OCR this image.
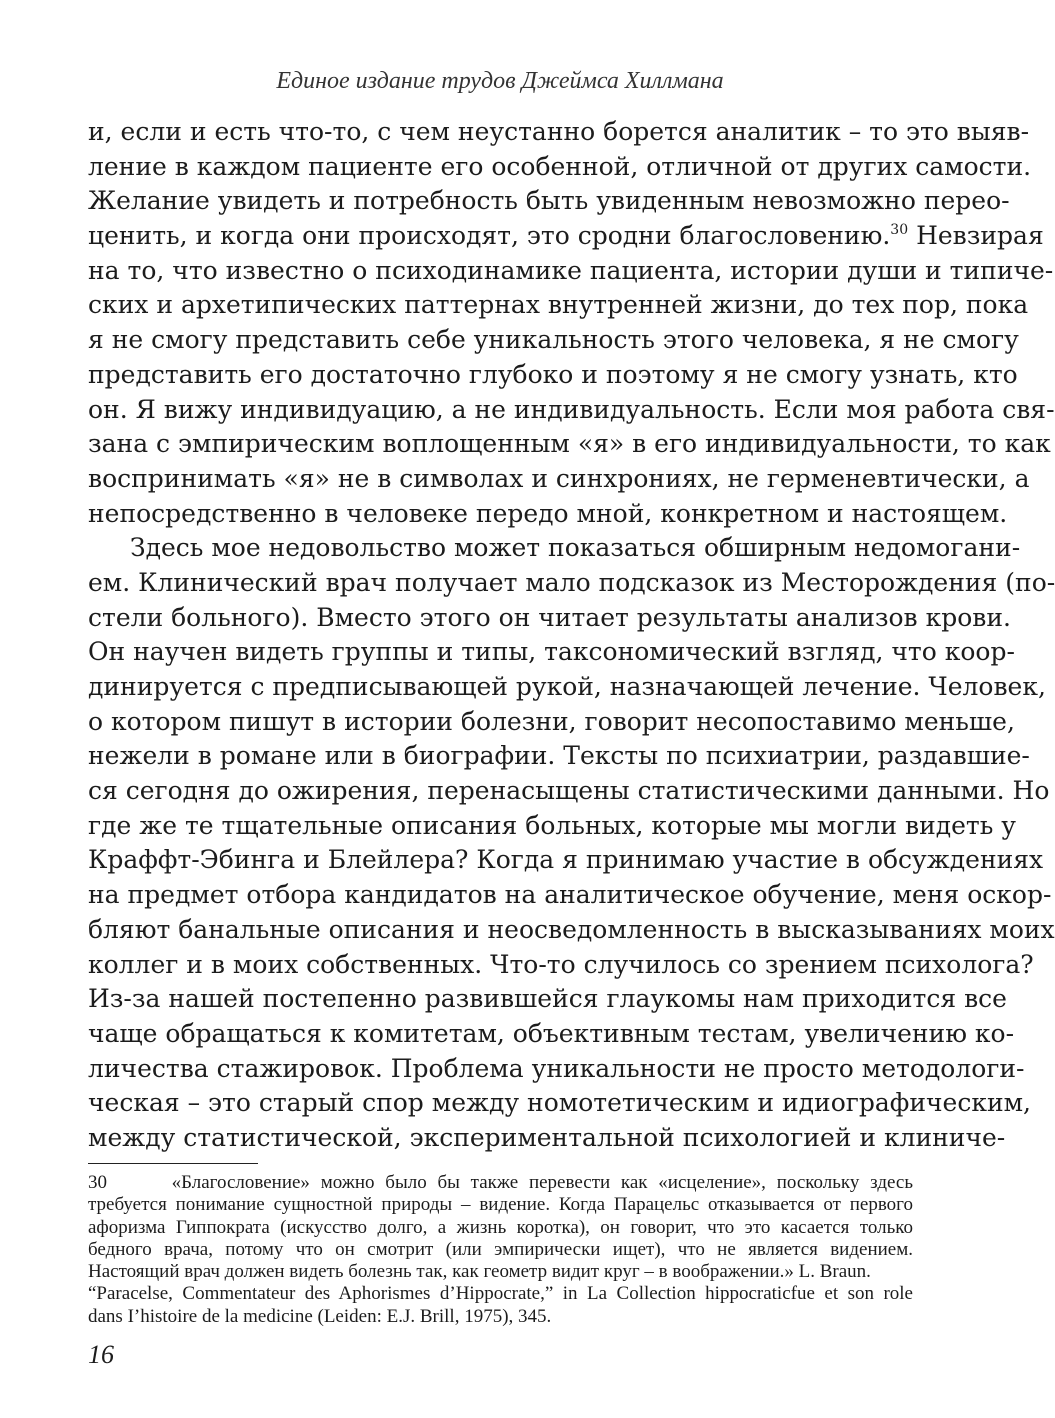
Единое издание трудов Джеймса Хиллмана
и, если и есть что-то, с чем неустанно борется аналитик – то это выяв-
ление в каждом пациенте его особенной, отличной от других самости.
Желание увидеть и потребность быть увиденным невозможно перео-
ценить, и когда они происходят, это сродни благословению.$^{30}$ Невзирая
на то, что известно о психодинамике пациента, истории души и типиче-
ских и архетипических паттернах внутренней жизни, до тех пор, пока
я не смогу представить себе уникальность этого человека, я не смогу
представить его достаточно глубоко и поэтому я не смогу узнать, кто
он. Я вижу индивидуацию, а не индивидуальность. Если моя работа свя-
зана с эмпирическим воплощенным «я» в его индивидуальности, то как
воспринимать «я» не в символах и синхрониях, не герменевтически, а
непосредственно в человеке передо мной, конкретном и настоящем.
Здесь мое недовольство может показаться обширным недомогани-
ем. Клинический врач получает мало подсказок из Месторождения (по-
стели больного). Вместо этого он читает результаты анализов крови.
Он научен видеть группы и типы, таксономический взгляд, что коор-
динируется с предписывающей рукой, назначающей лечение. Человек,
о котором пишут в истории болезни, говорит несопоставимо меньше,
нежели в романе или в биографии. Тексты по психиатрии, раздавшие-
ся сегодня до ожирения, перенасыщены статистическими данными. Но
где же те тщательные описания больных, которые мы могли видеть у
Краффт-Эбинга и Блейлера? Когда я принимаю участие в обсуждениях
на предмет отбора кандидатов на аналитическое обучение, меня оскор-
бляют банальные описания и неосведомленность в высказываниях моих
коллег и в моих собственных. Что-то случилось со зрением психолога?
Из-за нашей постепенно развившейся глаукомы нам приходится все
чаще обращаться к комитетам, объективным тестам, увеличению ко-
личества стажировок. Проблема уникальности не просто методологи-
ческая – это старый спор между номотетическим и идиографическим,
между статистической, экспериментальной психологией и клиниче-
30      «Благословение» можно было бы также перевести как «исцеление», поскольку здесь
требуется понимание сущностной природы – видение. Когда Парацельс отказывается от первого
афоризма Гиппократа (искусство долго, а жизнь коротка), он говорит, что это касается только
бедного врача, потому что он смотрит (или эмпирически ищет), что не является видением.
Настоящий врач должен видеть болезнь так, как геометр видит круг – в воображении.» L. Braun.
“Paracelse, Commentateur des Aphorismes d’Hippocrate,” in La Collection hippocraticfue et son role
dans I’histoire de la medicine (Leiden: E.J. Brill, 1975), 345.
16
